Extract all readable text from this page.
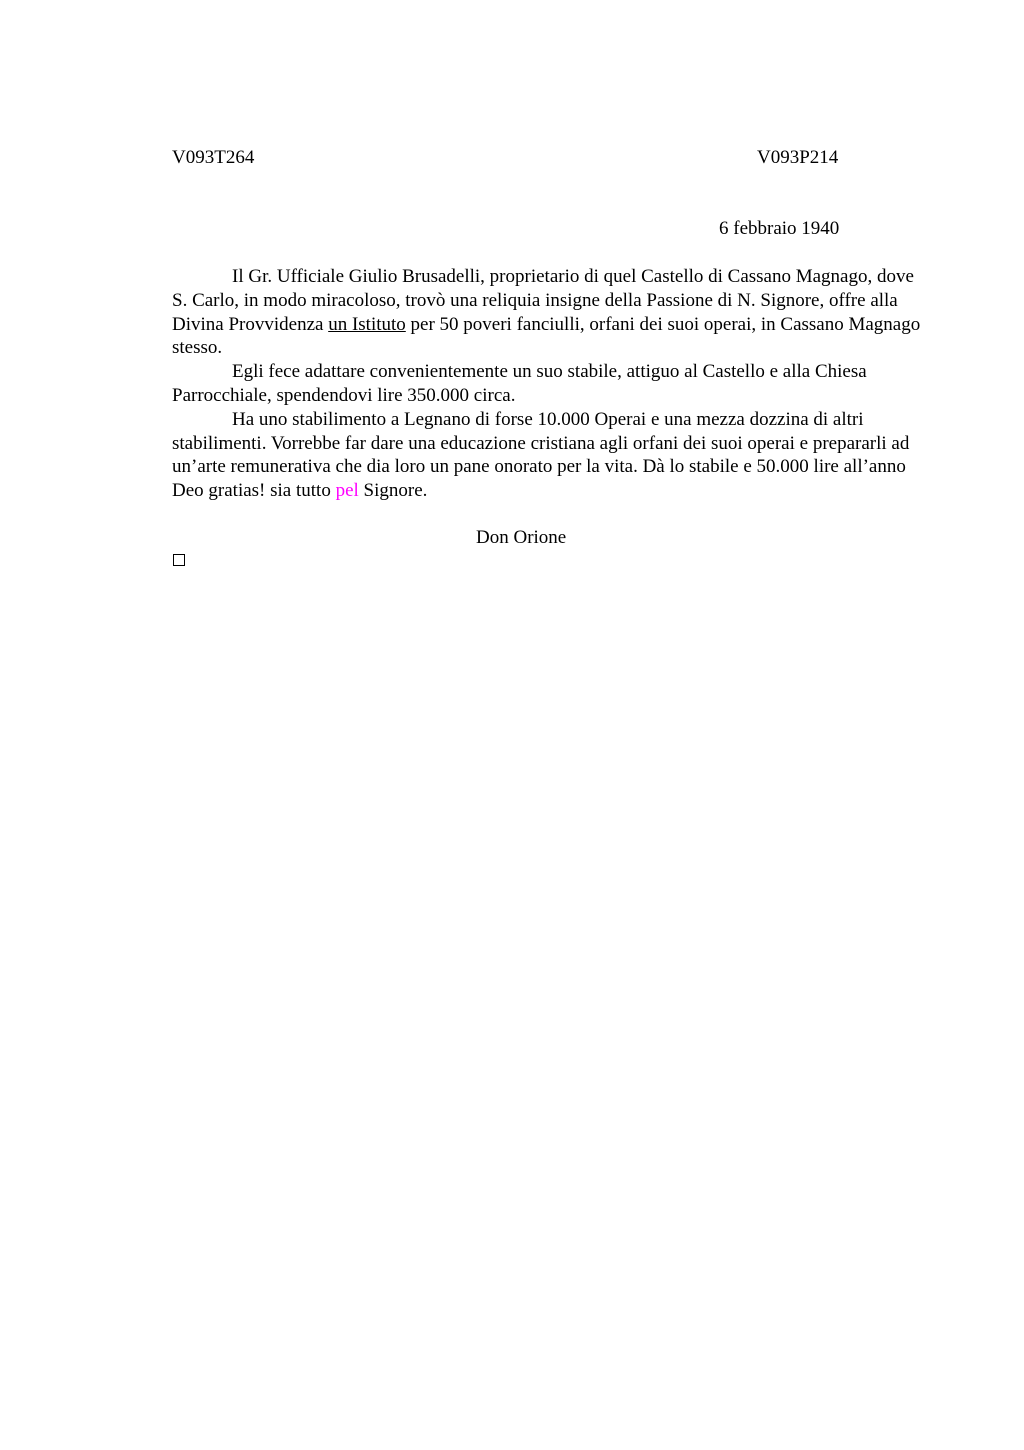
V093T264	V093P214
6 febbraio 1940

Il Gr. Ufficiale Giulio Brusadelli, proprietario di quel Castello di Cassano Magnago, dove S. Carlo, in modo miracoloso, trovò una reliquia insigne della Passione di N. Signore, offre alla Divina Provvidenza un Istituto per 50 poveri fanciulli, orfani dei suoi operai, in Cassano Magnago stesso.

Egli fece adattare convenientemente un suo stabile, attiguo al Castello e alla Chiesa Parrocchiale, spendendovi lire 350.000 circa.

Ha uno stabilimento a Legnano di forse 10.000 Operai e una mezza dozzina di altri stabilimenti. Vorrebbe far dare una educazione cristiana agli orfani dei suoi operai e prepararli ad un’arte remunerativa che dia loro un pane onorato per la vita. Dà lo stabile e 50.000 lire all’anno Deo gratias! sia tutto pel Signore.

Don Orione
